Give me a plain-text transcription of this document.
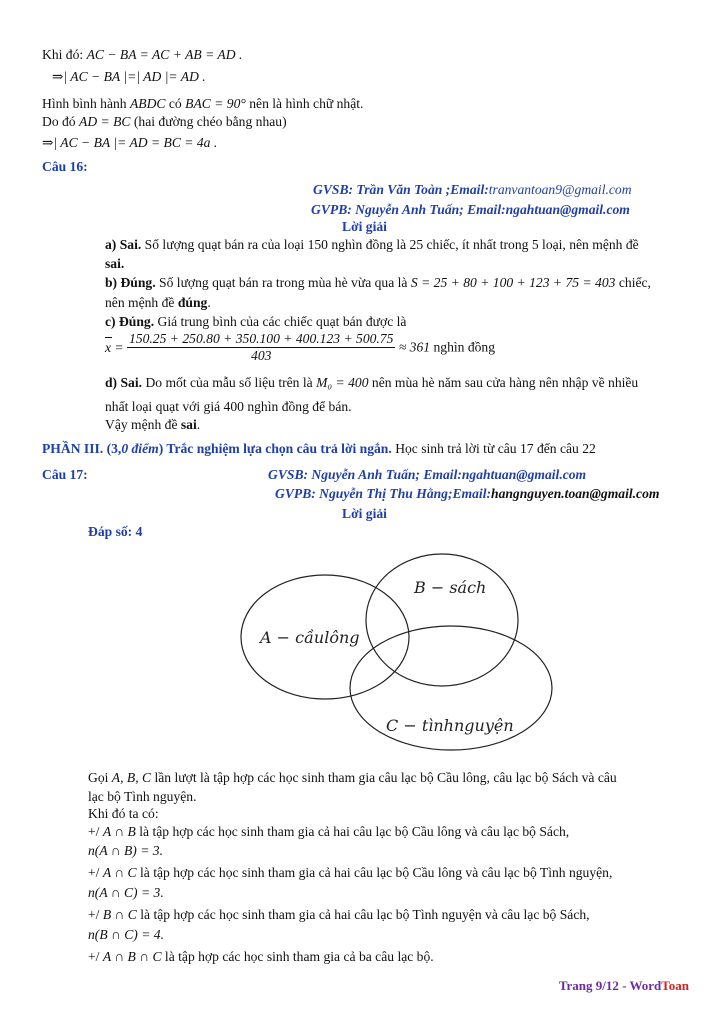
Khi đó: AC − BA = AC + AB = AD .
⇒| AC − BA |=| AD |= AD .
Hình bình hành ABDC có BAC = 90° nên là hình chữ nhật.
Do đó AD = BC (hai đường chéo bằng nhau)
⇒| AC − BA |= AD = BC = 4a .
Câu 16:
GVSB: Trần Văn Toàn ;Email:tranvantoan9@gmail.com
GVPB: Nguyễn Anh Tuấn; Email:ngahtuan@gmail.com
Lời giải
a) Sai. Số lượng quạt bán ra của loại 150 nghìn đồng là 25 chiếc, ít nhất trong 5 loại, nên mệnh đề
sai.
b) Đúng. Số lượng quạt bán ra trong mùa hè vừa qua là S = 25 + 80 + 100 + 123 + 75 = 403 chiếc,
nên mệnh đề đúng.
c) Đúng. Giá trung bình của các chiếc quạt bán được là
$x = \frac{150.25 + 250.80 + 350.100 + 400.123 + 500.75}{403} \approx 361$ nghìn đồng
d) Sai. Do mốt của mẫu số liệu trên là M₀ = 400 nên mùa hè năm sau cửa hàng nên nhập về nhiều
nhất loại quạt với giá 400 nghìn đồng để bán.
Vậy mệnh đề sai.
PHẦN III. (3,0 điểm) Trắc nghiệm lựa chọn câu trả lời ngắn. Học sinh trả lời từ câu 17 đến câu 22
Câu 17:	GVSB: Nguyễn Anh Tuấn; Email:ngahtuan@gmail.com
GVPB: Nguyễn Thị Thu Hằng;Email:hangnguyen.toan@gmail.com
Lời giải
Đáp số: 4
A − cầulông
B − sách
C − tìnhnguyện
Gọi A, B, C lần lượt là tập hợp các học sinh tham gia câu lạc bộ Cầu lông, câu lạc bộ Sách và câu
lạc bộ Tình nguyện.
Khi đó ta có:
+/ A ∩ B là tập hợp các học sinh tham gia cả hai câu lạc bộ Cầu lông và câu lạc bộ Sách,
n(A ∩ B) = 3.
+/ A ∩ C là tập hợp các học sinh tham gia cả hai câu lạc bộ Cầu lông và câu lạc bộ Tình nguyện,
n(A ∩ C) = 3.
+/ B ∩ C là tập hợp các học sinh tham gia cả hai câu lạc bộ Tình nguyện và câu lạc bộ Sách,
n(B ∩ C) = 4.
+/ A ∩ B ∩ C là tập hợp các học sinh tham gia cả ba câu lạc bộ.
Trang 9/12 - WordToan
